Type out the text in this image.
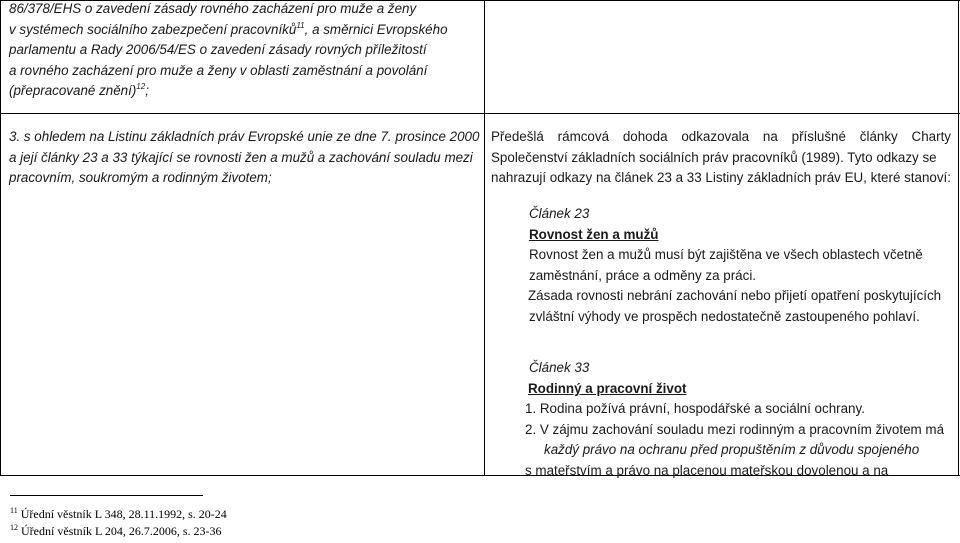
86/378/EHS o zavedení zásady rovného zacházení pro muže a ženy

v systémech sociálního zabezpečení pracovníků$^{11}$, a směrnici Evropského

parlamentu a Rady 2006/54/ES o zavedení zásady rovných příležitostí

a rovného zacházení pro muže a ženy v oblasti zaměstnání a povolání

(přepracované znění)$^{12}$;

3. s ohledem na Listinu základních práv Evropské unie ze dne 7. prosince 2000

a její články 23 a 33 týkající se rovnosti žen a mužů a zachování souladu mezi

pracovním, soukromým a rodinným životem;

Předešlá rámcová dohoda odkazovala na příslušné články Charty

Společenství základních sociálních práv pracovníků (1989). Tyto odkazy se

nahrazují odkazy na článek 23 a 33 Listiny základních práv EU, které stanoví:

Článek 23

Rovnost žen a mužů

Rovnost žen a mužů musí být zajištěna ve všech oblastech včetně

zaměstnání, práce a odměny za práci.

Zásada rovnosti nebrání zachování nebo přijetí opatření poskytujících

zvláštní výhody ve prospěch nedostatečně zastoupeného pohlaví.

Článek 33

Rodinný a pracovní život

1. Rodina požívá právní, hospodářské a sociální ochrany.

2. V zájmu zachování souladu mezi rodinným a pracovním životem má

každý právo na ochranu před propuštěním z důvodu spojeného

s mateřstvím a právo na placenou mateřskou dovolenou a na

$^{11}$ Úřední věstník L 348, 28.11.1992, s. 20-24
$^{12}$ Úřední věstník L 204, 26.7.2006, s. 23-36
